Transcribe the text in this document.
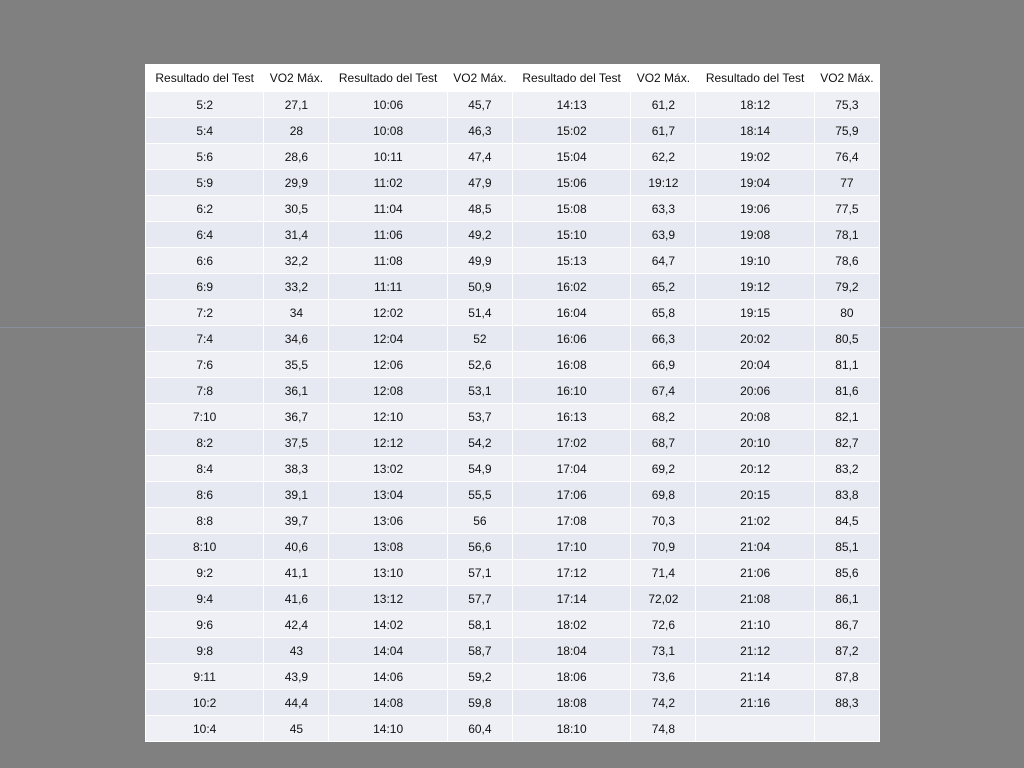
Resultado del Test	VO2 Máx.	Resultado del Test	VO2 Máx.	Resultado del Test	VO2 Máx.	Resultado del Test	VO2 Máx.
5:2	27,1	10:06	45,7	14:13	61,2	18:12	75,3
5:4	28	10:08	46,3	15:02	61,7	18:14	75,9
5:6	28,6	10:11	47,4	15:04	62,2	19:02	76,4
5:9	29,9	11:02	47,9	15:06	19:12	19:04	77
6:2	30,5	11:04	48,5	15:08	63,3	19:06	77,5
6:4	31,4	11:06	49,2	15:10	63,9	19:08	78,1
6:6	32,2	11:08	49,9	15:13	64,7	19:10	78,6
6:9	33,2	11:11	50,9	16:02	65,2	19:12	79,2
7:2	34	12:02	51,4	16:04	65,8	19:15	80
7:4	34,6	12:04	52	16:06	66,3	20:02	80,5
7:6	35,5	12:06	52,6	16:08	66,9	20:04	81,1
7:8	36,1	12:08	53,1	16:10	67,4	20:06	81,6
7:10	36,7	12:10	53,7	16:13	68,2	20:08	82,1
8:2	37,5	12:12	54,2	17:02	68,7	20:10	82,7
8:4	38,3	13:02	54,9	17:04	69,2	20:12	83,2
8:6	39,1	13:04	55,5	17:06	69,8	20:15	83,8
8:8	39,7	13:06	56	17:08	70,3	21:02	84,5
8:10	40,6	13:08	56,6	17:10	70,9	21:04	85,1
9:2	41,1	13:10	57,1	17:12	71,4	21:06	85,6
9:4	41,6	13:12	57,7	17:14	72,02	21:08	86,1
9:6	42,4	14:02	58,1	18:02	72,6	21:10	86,7
9:8	43	14:04	58,7	18:04	73,1	21:12	87,2
9:11	43,9	14:06	59,2	18:06	73,6	21:14	87,8
10:2	44,4	14:08	59,8	18:08	74,2	21:16	88,3
10:4	45	14:10	60,4	18:10	74,8		
